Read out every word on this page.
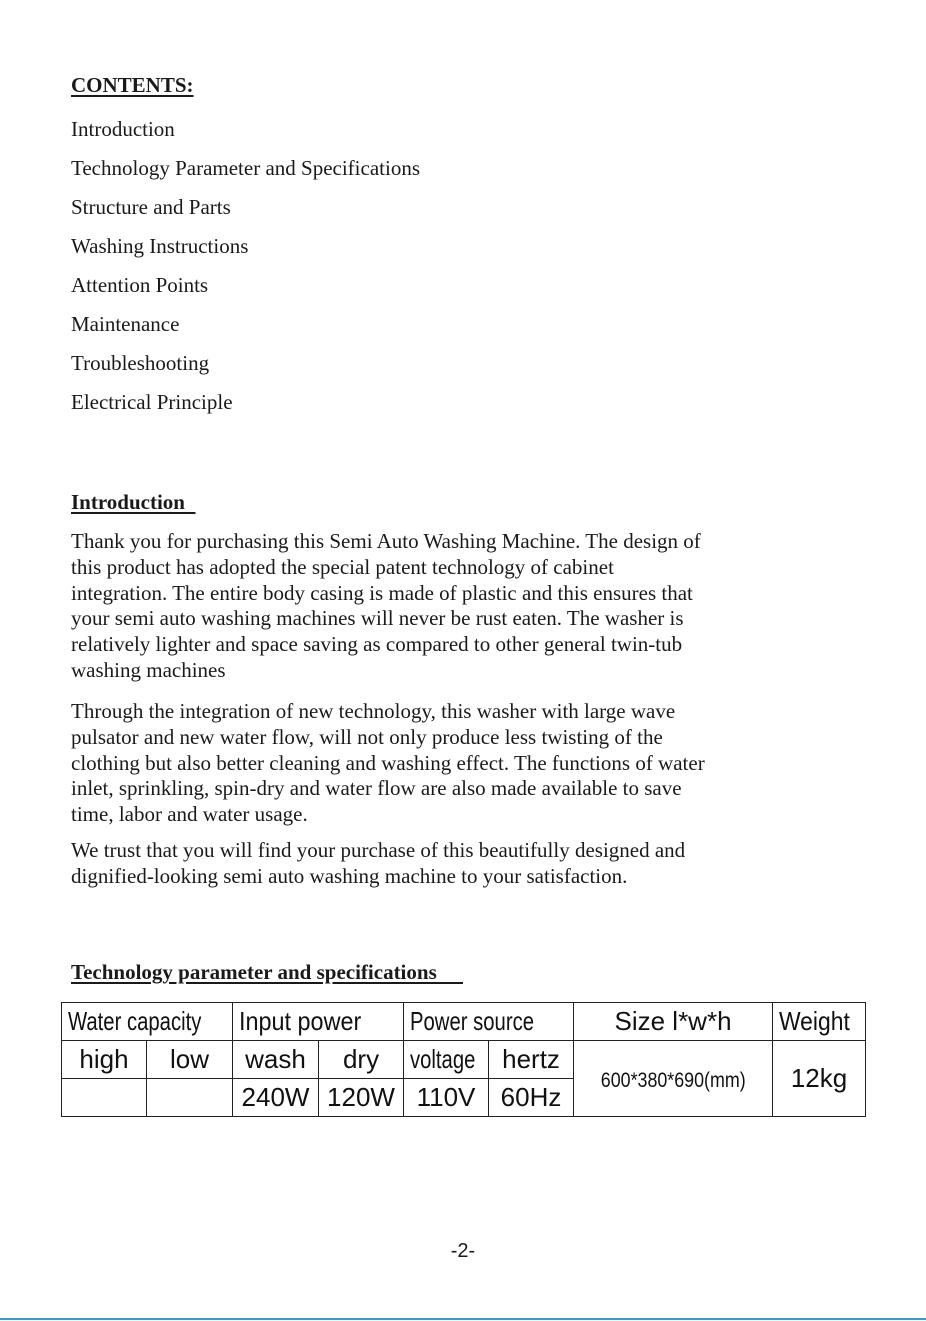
CONTENTS:
Introduction
Technology Parameter and Specifications
Structure and Parts
Washing Instructions
Attention Points
Maintenance
Troubleshooting
Electrical Principle
Introduction
Thank you for purchasing this Semi Auto Washing Machine. The design of
this product has adopted the special patent technology of cabinet
integration. The entire body casing is made of plastic and this ensures that
your semi auto washing machines will never be rust eaten. The washer is
relatively lighter and space saving as compared to other general twin-tub
washing machines
Through the integration of new technology, this washer with large wave
pulsator and new water flow, will not only produce less twisting of the
clothing but also better cleaning and washing effect. The functions of water
inlet, sprinkling, spin-dry and water flow are also made available to save
time, labor and water usage.
We trust that you will find your purchase of this beautifully designed and
dignified-looking semi auto washing machine to your satisfaction.
Technology parameter and specifications
Water capacity		Input power		Power source		Size l*w*h	Weight
high	low	wash	dry	voltage	hertz	600*380*690(mm)	12kg
		240W	120W	110V	60Hz		
-2-
